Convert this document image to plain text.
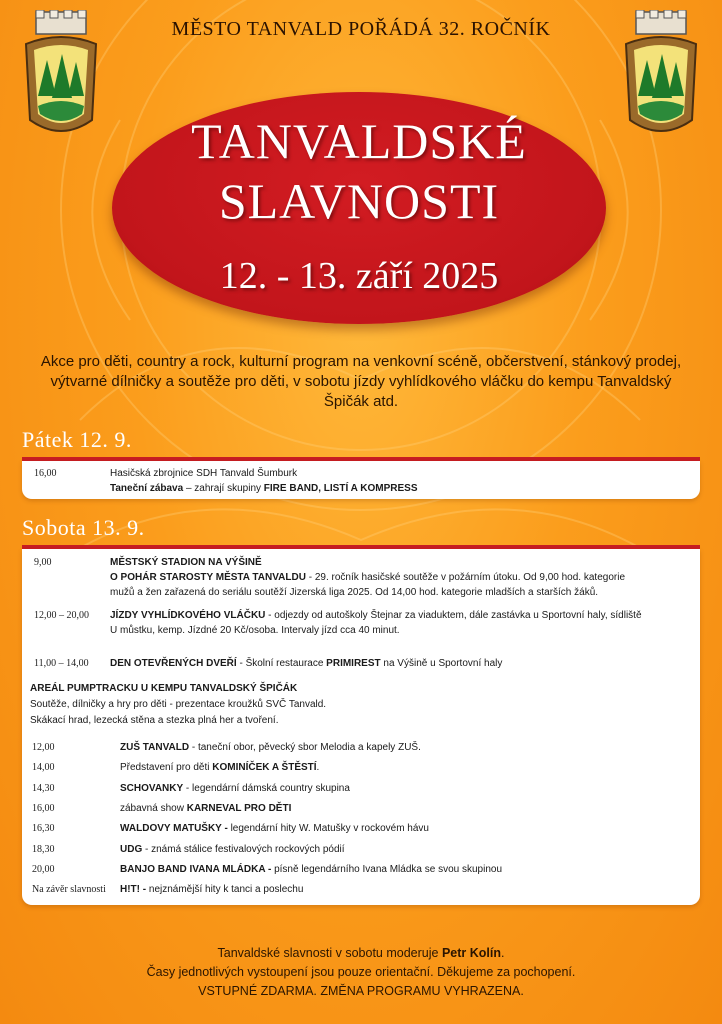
MĚSTO TANVALD POŘÁDÁ 32. ROČNÍK
TANVALDSKÉ
SLAVNOSTI
12. - 13. září 2025
Akce pro děti, country a rock, kulturní program na venkovní scéně, občerstvení, stánkový prodej, výtvarné dílničky a soutěže pro děti, v sobotu jízdy vyhlídkového vláčku do kempu Tanvaldský Špičák atd.
Pátek 12. 9.
16,00	Hasičská zbrojnice SDH Tanvald Šumburk
Taneční zábava – zahrají skupiny FIRE BAND, LISTÍ A KOMPRESS
Sobota 13. 9.
9,00	MĚSTSKÝ STADION NA VÝŠINĚ
O POHÁR STAROSTY MĚSTA TANVALDU - 29. ročník hasičské soutěže v požárním útoku. Od 9,00 hod. kategorie
mužů a žen zařazená do seriálu soutěží Jizerská liga 2025. Od 14,00 hod. kategorie mladších a starších žáků.
12,00 – 20,00 JÍZDY VYHLÍDKOVÉHO VLÁČKU - odjezdy od autoškoly Štejnar za viaduktem, dále zastávka u Sportovní haly, sídliště
U můstku, kemp. Jízdné 20 Kč/osoba. Intervaly jízd cca 40 minut.
11,00 – 14,00 DEN OTEVŘENÝCH DVEŘÍ - Školní restaurace PRIMIREST na Výšině u Sportovní haly
AREÁL PUMPTRACKU U KEMPU TANVALDSKÝ ŠPIČÁK
Soutěže, dílničky a hry pro děti - prezentace kroužků SVČ Tanvald.
Skákací hrad, lezecká stěna a stezka plná her a tvoření.
12,00	ZUŠ TANVALD - taneční obor, pěvecký sbor Melodia a kapely ZUŠ.
14,00	Představení pro děti KOMINÍČEK A ŠTĚSTÍ.
14,30	SCHOVANKY - legendární dámská country skupina
16,00	zábavná show KARNEVAL PRO DĚTI
16,30	WALDOVY MATUŠKY - legendární hity W. Matušky v rockovém hávu
18,30	UDG - známá stálice festivalových rockových pódií
20,00	BANJO BAND IVANA MLÁDKA - písně legendárního Ivana Mládka se svou skupinou
Na závěr slavnosti H!T! - nejznámější hity k tanci a poslechu
Tanvaldské slavnosti v sobotu moderuje Petr Kolín.
Časy jednotlivých vystoupení jsou pouze orientační. Děkujeme za pochopení.
VSTUPNÉ ZDARMA. ZMĚNA PROGRAMU VYHRAZENA.
